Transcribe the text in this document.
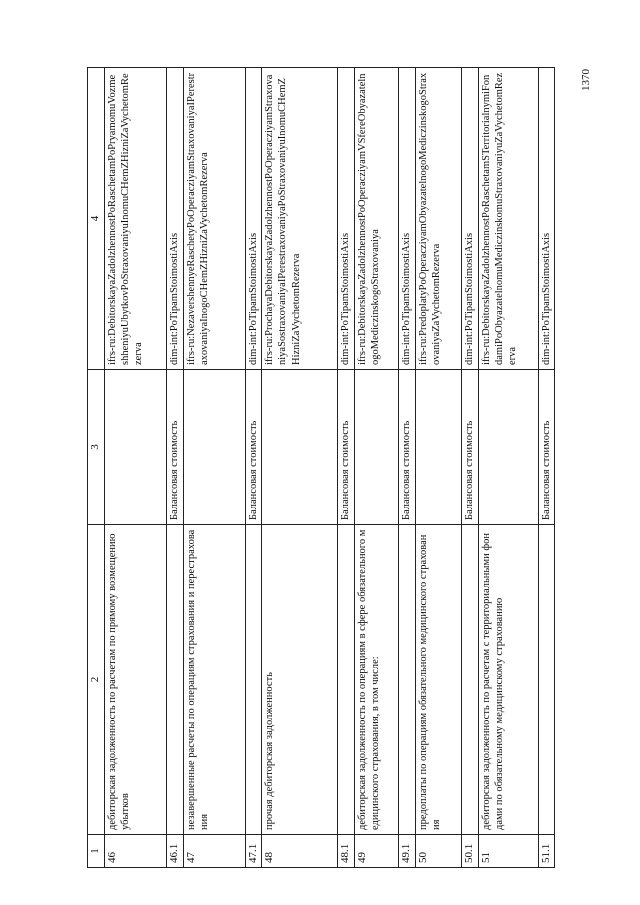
1370
1	2	3	4
46	дебиторская задолженность по расчетам по прямому возмещению убытков		ifrs-ru:DebitorskayaZadolzhennostPoRaschetamPoPryamomuVozmeshheniyuUbytkovPoStraxovaniyuInomuCHemZHizniZaVychetomRezerva
46.1		Балансовая стоимость	dim-int:PoTipamStoimostiAxis
47	незавершенные расчеты по операциям страхования и перестрахования		ifrs-ru:NezavershennyeRaschetyPoOperacziyamStraxovaniyaIPerestraxovaniyaInogoCHemZHizniZaVychetomRezerva
47.1		Балансовая стоимость	dim-int:PoTipamStoimostiAxis
48	прочая дебиторская задолженность		ifrs-ru:ProchayaDebitorskayaZadolzhennostPoOperacziyamStraxovaniyaSostraxovaniyaIPerestraxovaniyaPoStraxovaniyuInomuCHemZHizniZaVychetomRezerva
48.1		Балансовая стоимость	dim-int:PoTipamStoimostiAxis
49	дебиторская задолженность по операциям в сфере обязательного медицинского страхования, в том числе:		ifrs-ru:DebitorskayaZadolzhennostPoOperacziyamVSfereObyazatelnogoMediczinskogoStraxovaniya
49.1		Балансовая стоимость	dim-int:PoTipamStoimostiAxis
50	предоплаты по операциям обязательного медицинского страхования		ifrs-ru:PredoplatyPoOperacziyamObyazatelnogoMediczinskogoStraxovaniyaZaVychetomRezerva
50.1		Балансовая стоимость	dim-int:PoTipamStoimostiAxis
51	дебиторская задолженность по расчетам с территориальными фондами по обязательному медицинскому страхованию		ifrs-ru:DebitorskayaZadolzhennostPoRaschetamSTerritorialnymiFondamiPoObyazatelnomuMediczinskomuStraxovaniyuZaVychetomRezerva
51.1		Балансовая стоимость	dim-int:PoTipamStoimostiAxis
